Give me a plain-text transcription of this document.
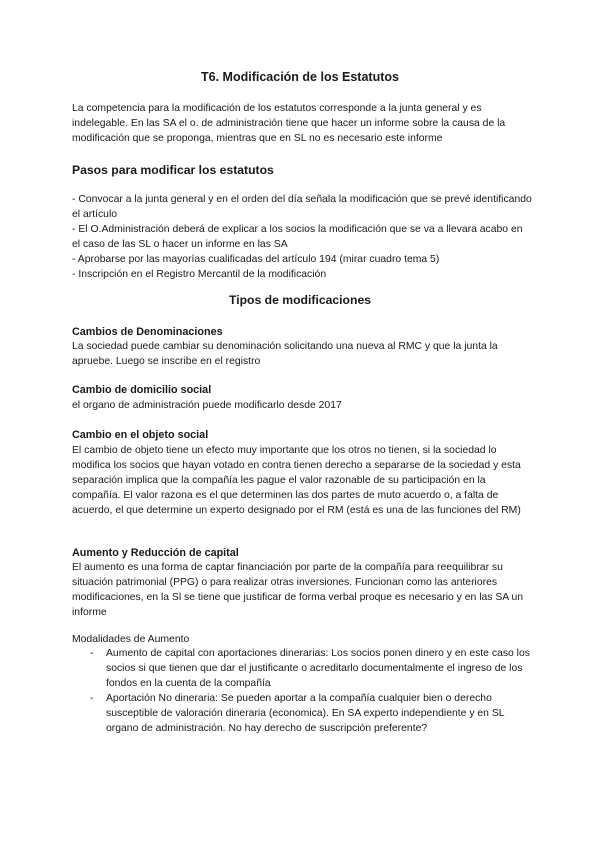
T6. Modificación de los Estatutos

La competencia para la modificación de los estatutos corresponde a la junta general y es indelegable. En las SA el o. de administración tiene que hacer un informe sobre la causa de la modificación que se proponga, mientras que en SL no es necesario este informe

Pasos para modificar los estatutos
- Convocar a la junta general y en el orden del día señala la modificación que se prevé identificando el artículo
- El O.Administración deberá de explicar a los socios la modificación que se va a llevara acabo en el caso de las SL o hacer un informe en las SA
- Aprobarse por las mayorías cualificadas del artículo 194 (mirar cuadro tema 5)
- Inscripción en el Registro Mercantil de la modificación
Tipos de modificaciones
Cambios de Denominaciones

La sociedad puede cambiar su denominación solicitando una nueva al RMC y que la junta la apruebe. Luego se inscribe en el registro

Cambio de domicilio social

el organo de administración puede modificarlo desde 2017

Cambio en el objeto social

El cambio de objeto tiene un efecto muy importante que los otros no tienen, si la sociedad lo modifica los socios que hayan votado en contra tienen derecho a separarse de la sociedad y esta separación implica que la compañía les pague el valor razonable de su participación en la compañía. El valor razona es el que determinen las dos partes de muto acuerdo o, a falta de acuerdo, el que determine un experto designado por el RM (está es una de las funciones del RM)

Aumento y Reducción de capital

El aumento es una forma de captar financiación por parte de la compañía para reequilibrar su situación patrimonial (PPG) o para realizar otras inversiones. Funcionan como las anteriores modificaciones, en la Sl se tiene que justificar de forma verbal proque es necesario y en las SA un informe

Modalidades de Aumento
- Aumento de capital con aportaciones dinerarias: Los socios ponen dinero y en este caso los socios si que tienen que dar el justificante o acreditarlo documentalmente el ingreso de los fondos en la cuenta de la compañía
- Aportación No dineraria: Se pueden aportar a la compañía cualquier bien o derecho susceptible de valoración dineraria (economica). En SA experto independiente y en SL organo de administración. No hay derecho de suscripción preferente?
